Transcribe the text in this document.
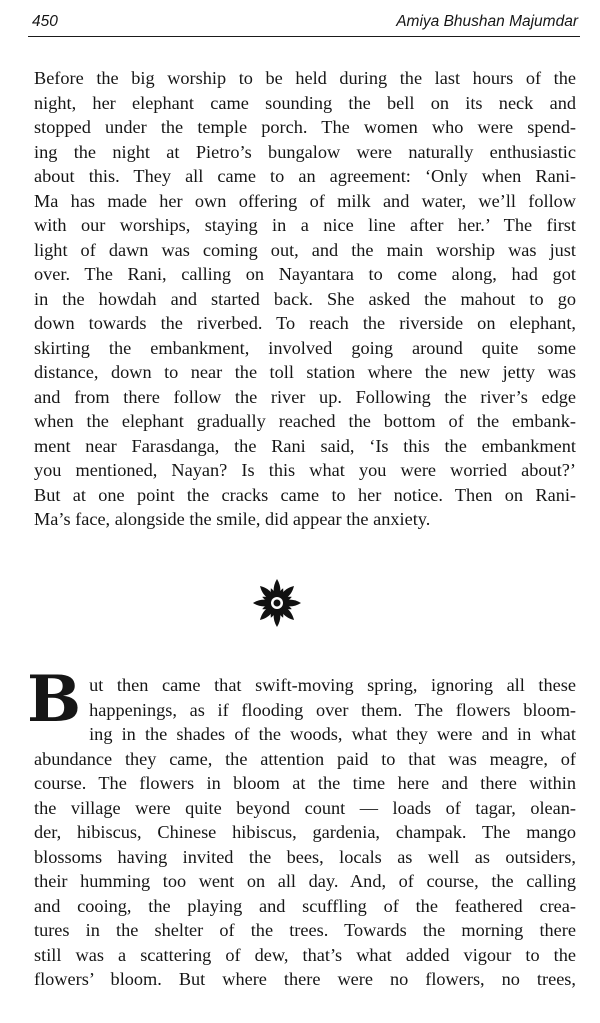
450	Amiya Bhushan Majumdar

Before the big worship to be held during the last hours of the
night, her elephant came sounding the bell on its neck and
stopped under the temple porch. The women who were spend-
ing the night at Pietro’s bungalow were naturally enthusiastic
about this. They all came to an agreement: ‘Only when Rani-
Ma has made her own offering of milk and water, we’ll follow
with our worships, staying in a nice line after her.’ The first
light of dawn was coming out, and the main worship was just
over. The Rani, calling on Nayantara to come along, had got
in the howdah and started back. She asked the mahout to go
down towards the riverbed. To reach the riverside on elephant,
skirting the embankment, involved going around quite some
distance, down to near the toll station where the new jetty was
and from there follow the river up. Following the river’s edge
when the elephant gradually reached the bottom of the embank-
ment near Farasdanga, the Rani said, ‘Is this the embankment
you mentioned, Nayan? Is this what you were worried about?’
But at one point the cracks came to her notice. Then on Rani-
Ma’s face, alongside the smile, did appear the anxiety.

B ut then came that swift-moving spring, ignoring all these
happenings, as if flooding over them. The flowers bloom-
ing in the shades of the woods, what they were and in what
abundance they came, the attention paid to that was meagre, of
course. The flowers in bloom at the time here and there within
the village were quite beyond count — loads of tagar, olean-
der, hibiscus, Chinese hibiscus, gardenia, champak. The mango
blossoms having invited the bees, locals as well as outsiders,
their humming too went on all day. And, of course, the calling
and cooing, the playing and scuffling of the feathered crea-
tures in the shelter of the trees. Towards the morning there
still was a scattering of dew, that’s what added vigour to the
flowers’ bloom. But where there were no flowers, no trees,
